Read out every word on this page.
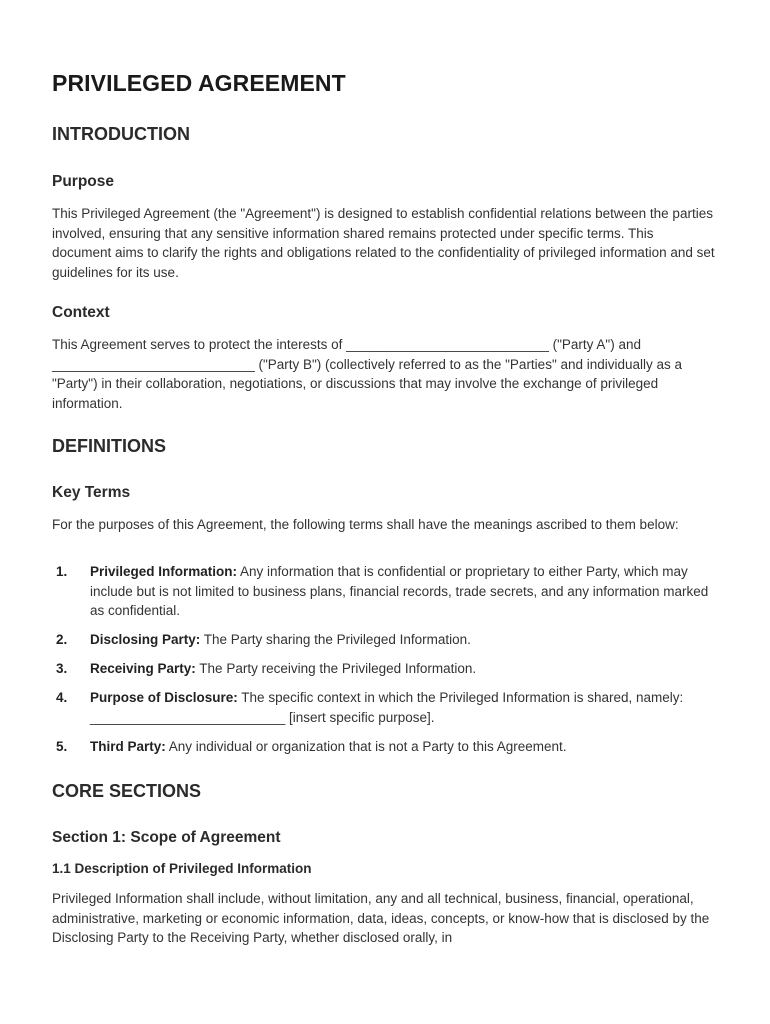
PRIVILEGED AGREEMENT
INTRODUCTION
Purpose

This Privileged Agreement (the "Agreement") is designed to establish confidential relations between the parties involved, ensuring that any sensitive information shared remains protected under specific terms. This document aims to clarify the rights and obligations related to the confidentiality of privileged information and set guidelines for its use.

Context

This Agreement serves to protect the interests of ___________________________ ("Party A") and ___________________________ ("Party B") (collectively referred to as the "Parties" and individually as a "Party") in their collaboration, negotiations, or discussions that may involve the exchange of privileged information.

DEFINITIONS
Key Terms

For the purposes of this Agreement, the following terms shall have the meanings ascribed to them below:

1. Privileged Information: Any information that is confidential or proprietary to either Party, which may include but is not limited to business plans, financial records, trade secrets, and any information marked as confidential.
2. Disclosing Party: The Party sharing the Privileged Information.
3. Receiving Party: The Party receiving the Privileged Information.
4. Purpose of Disclosure: The specific context in which the Privileged Information is shared, namely: __________________________ [insert specific purpose].
5. Third Party: Any individual or organization that is not a Party to this Agreement.
CORE SECTIONS
Section 1: Scope of Agreement
1.1 Description of Privileged Information

Privileged Information shall include, without limitation, any and all technical, business, financial, operational, administrative, marketing or economic information, data, ideas, concepts, or know-how that is disclosed by the Disclosing Party to the Receiving Party, whether disclosed orally, in
